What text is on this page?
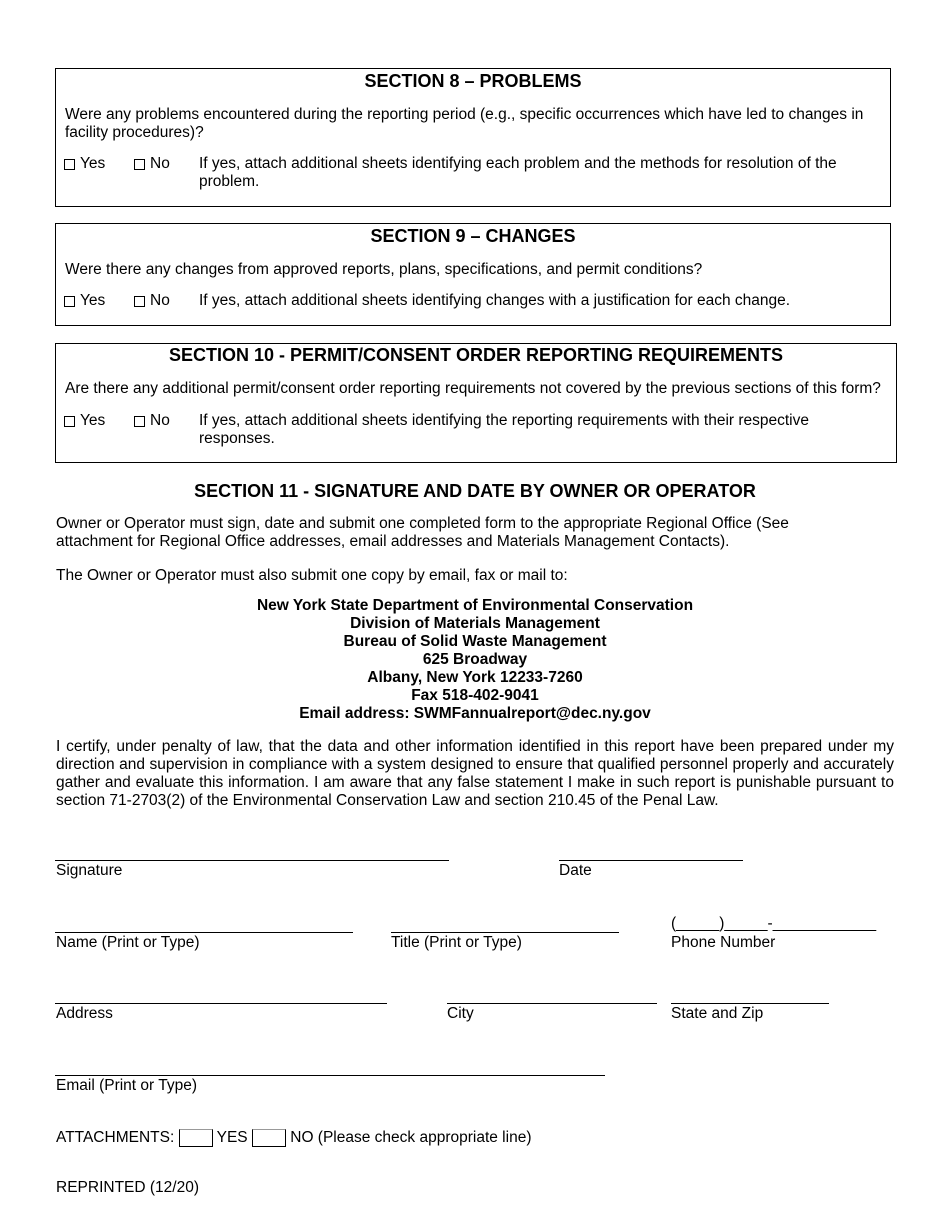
SECTION 8 – PROBLEMS
Were any problems encountered during the reporting period (e.g., specific occurrences which have led to changes in facility procedures)?
Yes	No If yes, attach additional sheets identifying each problem and the methods for resolution of the problem.
SECTION 9 – CHANGES
Were there any changes from approved reports, plans, specifications, and permit conditions?
Yes	No If yes, attach additional sheets identifying changes with a justification for each change.
SECTION 10 - PERMIT/CONSENT ORDER REPORTING REQUIREMENTS
Are there any additional permit/consent order reporting requirements not covered by the previous sections of this form?
Yes	No If yes, attach additional sheets identifying the reporting requirements with their respective responses.
SECTION 11 - SIGNATURE AND DATE BY OWNER OR OPERATOR
Owner or Operator must sign, date and submit one completed form to the appropriate Regional Office (See attachment for Regional Office addresses, email addresses and Materials Management Contacts).
The Owner or Operator must also submit one copy by email, fax or mail to:
New York State Department of Environmental Conservation
Division of Materials Management
Bureau of Solid Waste Management
625 Broadway
Albany, New York 12233-7260
Fax 518-402-9041
Email address: SWMFannualreport@dec.ny.gov
I certify, under penalty of law, that the data and other information identified in this report have been prepared under my direction and supervision in compliance with a system designed to ensure that qualified personnel properly and accurately gather and evaluate this information. I am aware that any false statement I make in such report is punishable pursuant to section 71-2703(2) of the Environmental Conservation Law and section 210.45 of the Penal Law.
Signature	Date
Name (Print or Type)	Title (Print or Type)
(_____)_____-____________
Phone Number
Address	City	State and Zip
Email (Print or Type)
ATTACHMENTS:	YES	NO (Please check appropriate line)
REPRINTED (12/20)
